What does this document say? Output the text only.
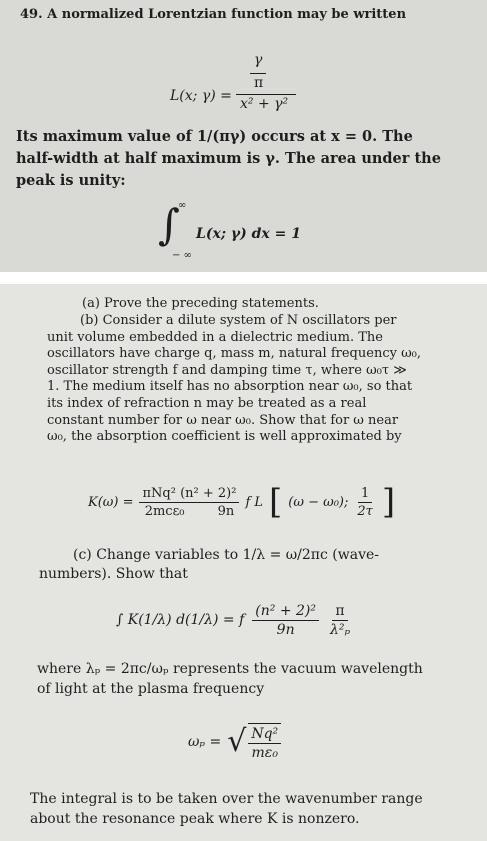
49. A normalized Lorentzian function may be written
L(x; γ) =
γ
π
x² + γ²
Its maximum value of 1/(πγ) occurs at x = 0. The
half-width at half maximum is γ. The area under the
peak is unity:
∫
∞
− ∞
L(x; γ) dx = 1
(a) Prove the preceding statements.
(b) Consider a dilute system of N oscillators per
unit volume embedded in a dielectric medium. The
oscillators have charge q, mass m, natural frequency ω₀,
oscillator strength f and damping time τ, where ω₀τ ≫
1. The medium itself has no absorption near ω₀, so that
its index of refraction n may be treated as a real
constant number for ω near ω₀. Show that for ω near
ω₀, the absorption coefficient is well approximated by
$K(\omega) = \frac{\text{πNq² (n² + 2)²}}{\text{2mcε₀        9n}}$ f L [ (ω − ω₀); $\frac{1}{2\tau}$ ]
(c) Change variables to 1/λ = ω/2πc (wave-
numbers). Show that
∫ K(1/λ) d(1/λ) = f $\frac{\text{(n² + 2)²}}{9n} \frac{\pi}{\text{λ²ₚ}}$
where λₚ = 2πc/ωₚ represents the vacuum wavelength
of light at the plasma frequency
ωₚ = √ $\frac{\text{Nq²}}{\text{mε₀}}$
The integral is to be taken over the wavenumber range
about the resonance peak where K is nonzero.
